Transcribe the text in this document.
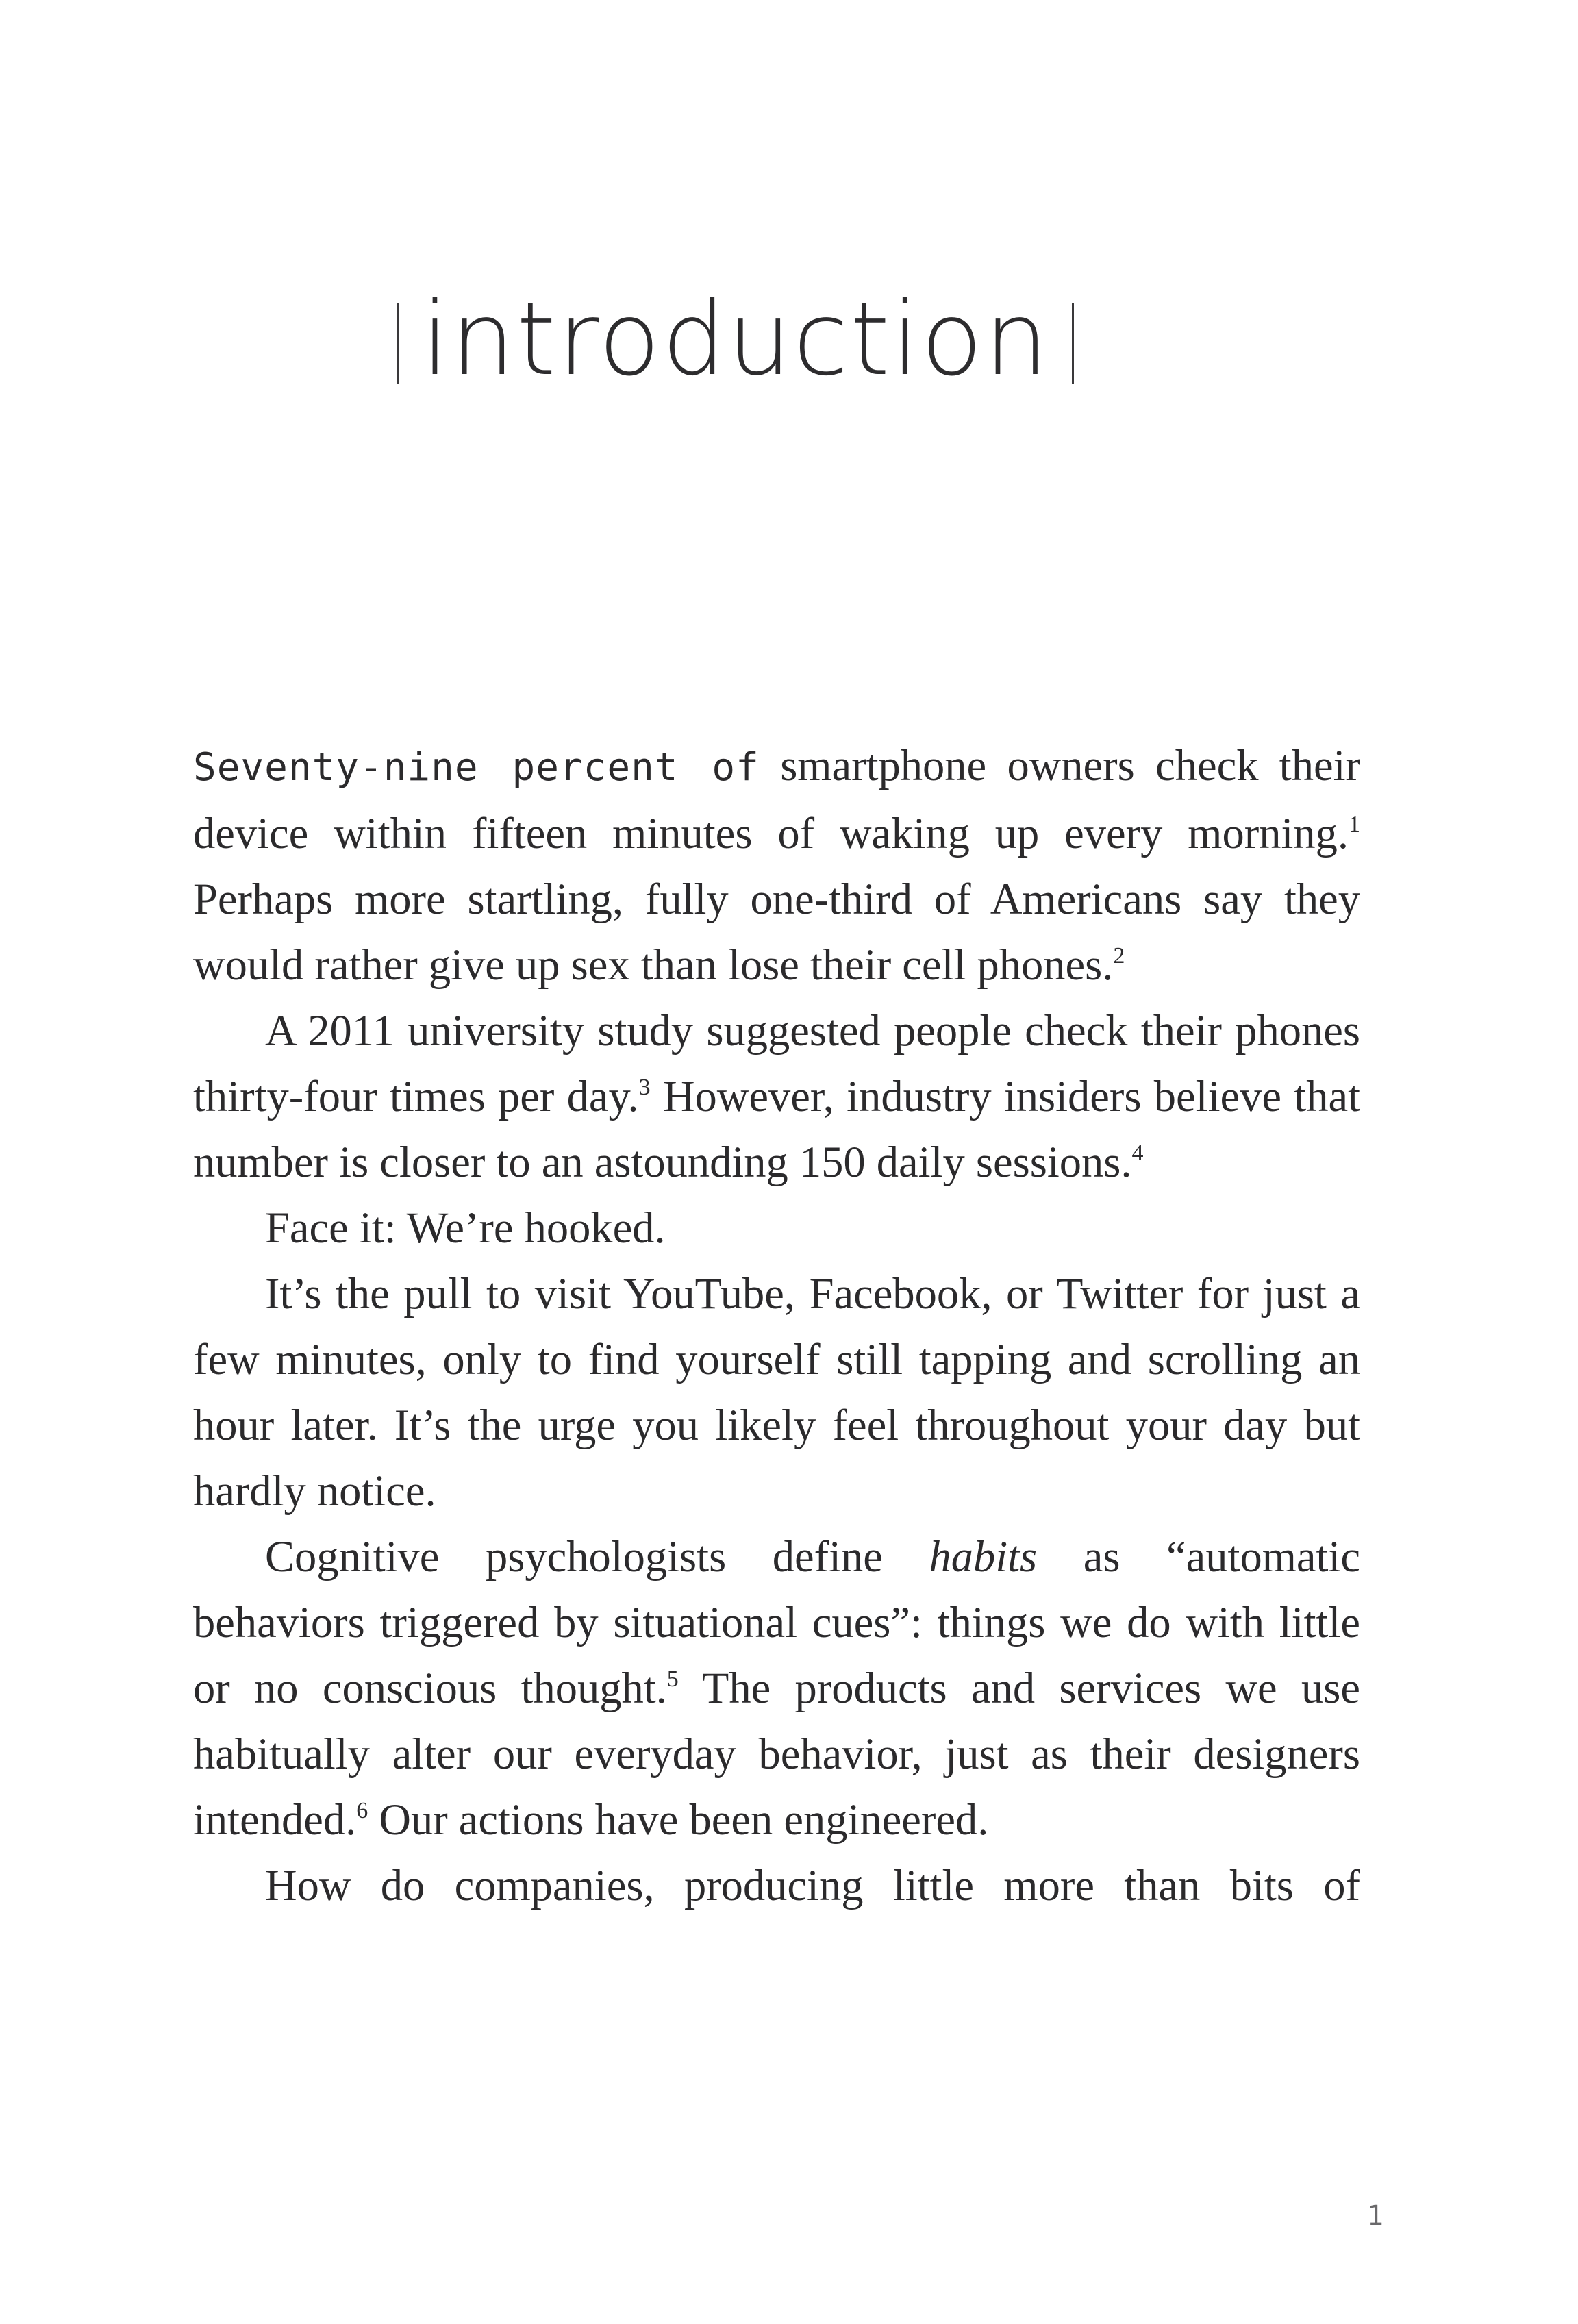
introduction

Seventy-nine percent of smartphone owners check their device within fifteen minutes of waking up every morning.$^1$ Perhaps more startling, fully one-third of Americans say they would rather give up sex than lose their cell phones.$^2$

A 2011 university study suggested people check their phones thirty-four times per day.$^3$ However, industry insiders believe that number is closer to an astounding 150 daily sessions.$^4$

Face it: We’re hooked.

It’s the pull to visit YouTube, Facebook, or Twitter for just a few minutes, only to find yourself still tapping and scrolling an hour later. It’s the urge you likely feel throughout your day but hardly notice.

Cognitive psychologists define habits as “automatic behaviors triggered by situational cues”: things we do with little or no conscious thought.$^5$ The products and services we use habitually alter our everyday behavior, just as their designers intended.$^6$ Our actions have been engineered.

How do companies, producing little more than bits of

1
